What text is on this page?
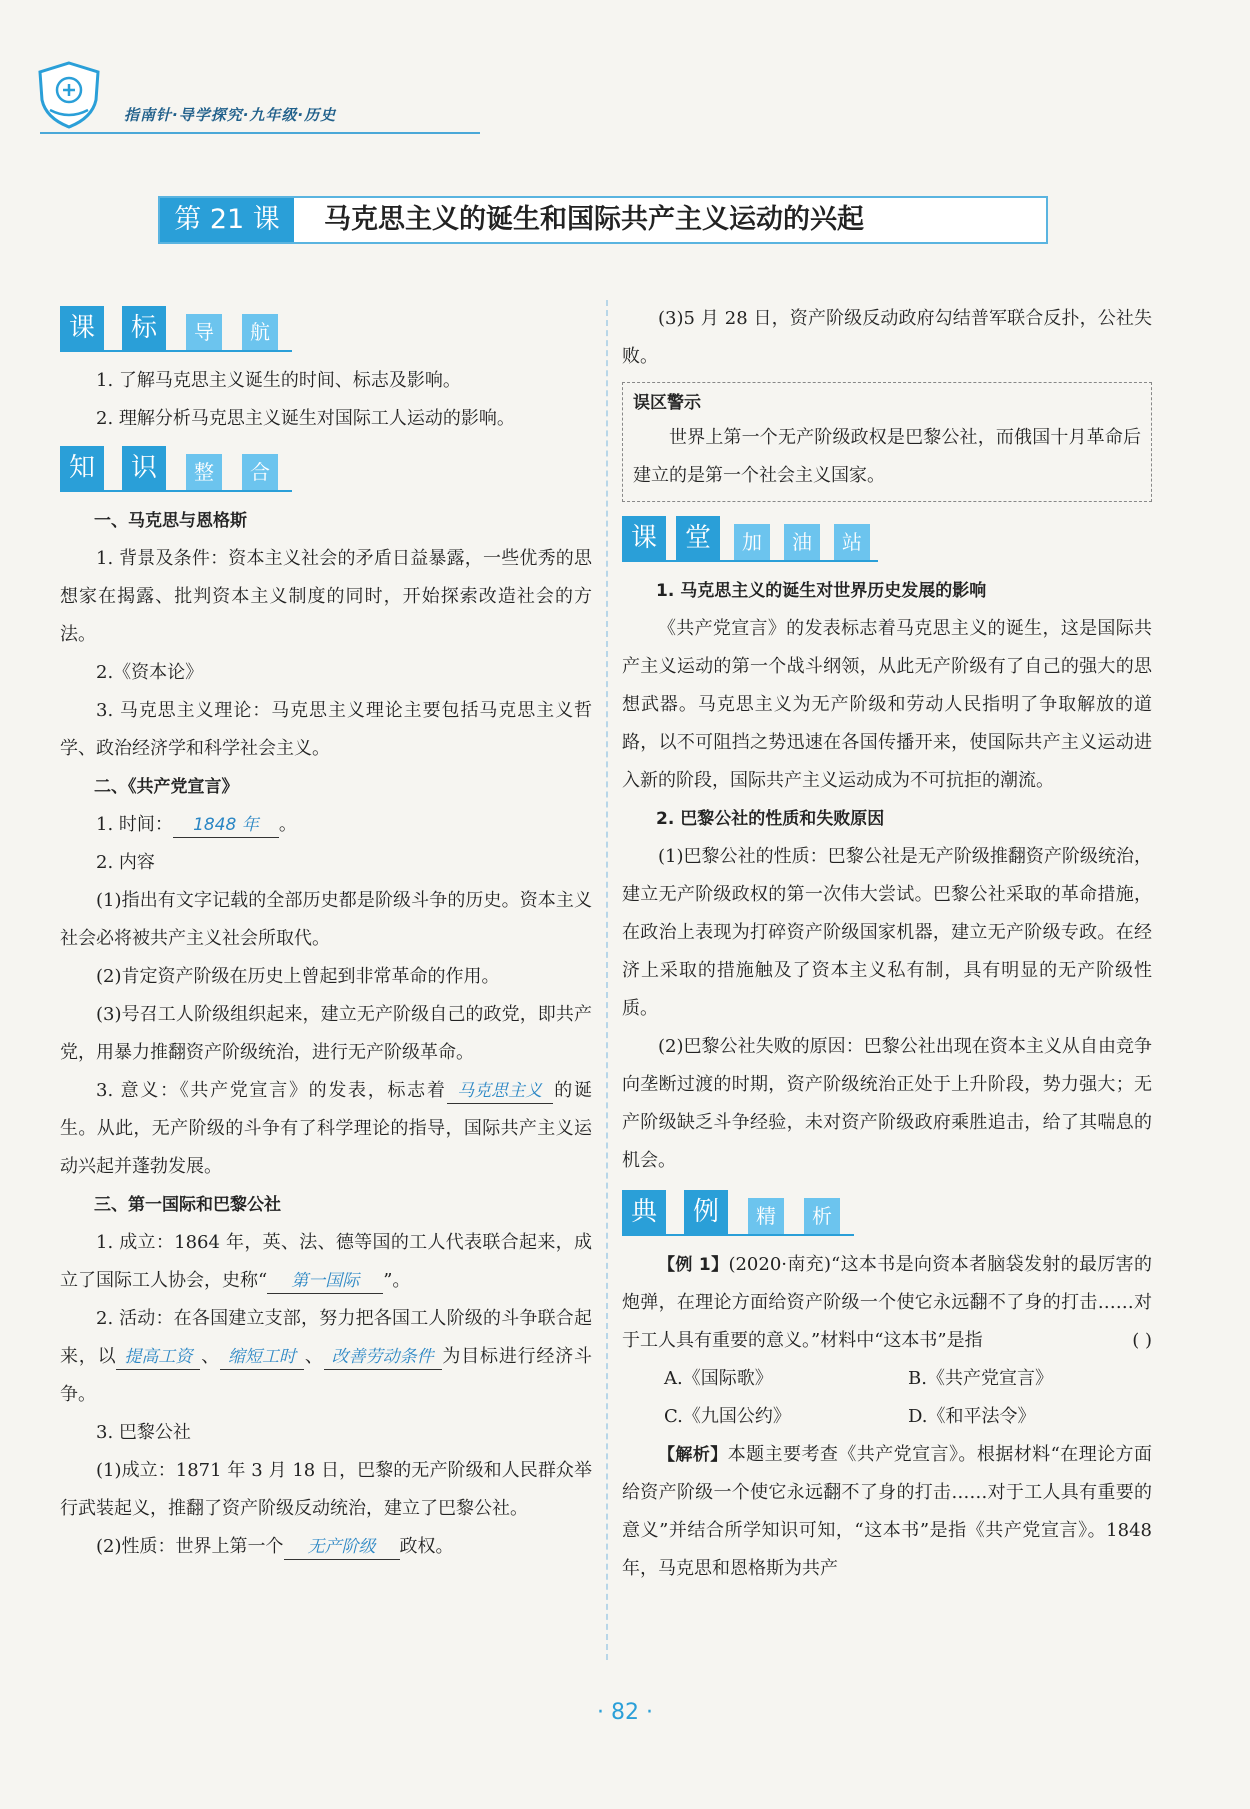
指南针·导学探究·九年级·历史
第 21 课	马克思主义的诞生和国际共产主义运动的兴起
课	标	导	航

1. 了解马克思主义诞生的时间、标志及影响。

2. 理解分析马克思主义诞生对国际工人运动的影响。

知	识	整	合

一、马克思与恩格斯

1. 背景及条件：资本主义社会的矛盾日益暴露，一些优秀的思想家在揭露、批判资本主义制度的同时，开始探索改造社会的方法。

2.《资本论》

3. 马克思主义理论：马克思主义理论主要包括马克思主义哲学、政治经济学和科学社会主义。

二、《共产党宣言》

1. 时间： 1848 年 。

2. 内容

(1)指出有文字记载的全部历史都是阶级斗争的历史。资本主义社会必将被共产主义社会所取代。

(2)肯定资产阶级在历史上曾起到非常革命的作用。

(3)号召工人阶级组织起来，建立无产阶级自己的政党，即共产党，用暴力推翻资产阶级统治，进行无产阶级革命。

3. 意义：《共产党宣言》的发表，标志着 马克思主义 的诞生。从此，无产阶级的斗争有了科学理论的指导，国际共产主义运动兴起并蓬勃发展。

三、第一国际和巴黎公社

1. 成立：1864 年，英、法、德等国的工人代表联合起来，成立了国际工人协会，史称“ 第一国际 ”。

2. 活动：在各国建立支部，努力把各国工人阶级的斗争联合起来，以 提高工资 、 缩短工时 、 改善劳动条件 为目标进行经济斗争。

3. 巴黎公社

(1)成立：1871 年 3 月 18 日，巴黎的无产阶级和人民群众举行武装起义，推翻了资产阶级反动统治，建立了巴黎公社。

(2)性质：世界上第一个 无产阶级 政权。

(3)5 月 28 日，资产阶级反动政府勾结普军联合反扑，公社失败。

误区警示

世界上第一个无产阶级政权是巴黎公社，而俄国十月革命后建立的是第一个社会主义国家。

课	堂	加	油	站

1. 马克思主义的诞生对世界历史发展的影响

《共产党宣言》的发表标志着马克思主义的诞生，这是国际共产主义运动的第一个战斗纲领，从此无产阶级有了自己的强大的思想武器。马克思主义为无产阶级和劳动人民指明了争取解放的道路，以不可阻挡之势迅速在各国传播开来，使国际共产主义运动进入新的阶段，国际共产主义运动成为不可抗拒的潮流。

2. 巴黎公社的性质和失败原因

(1)巴黎公社的性质：巴黎公社是无产阶级推翻资产阶级统治，建立无产阶级政权的第一次伟大尝试。巴黎公社采取的革命措施，在政治上表现为打碎资产阶级国家机器，建立无产阶级专政。在经济上采取的措施触及了资本主义私有制，具有明显的无产阶级性质。

(2)巴黎公社失败的原因：巴黎公社出现在资本主义从自由竞争向垄断过渡的时期，资产阶级统治正处于上升阶段，势力强大；无产阶级缺乏斗争经验，未对资产阶级政府乘胜追击，给了其喘息的机会。

典	例	精	析

【例 1】(2020·南充)“这本书是向资本者脑袋发射的最厉害的炮弹，在理论方面给资产阶级一个使它永远翻不了身的打击……对于工人具有重要的意义。”材料中“这本书”是指	( )

A.《国际歌》	B.《共产党宣言》
C.《九国公约》	D.《和平法令》

【解析】本题主要考查《共产党宣言》。根据材料“在理论方面给资产阶级一个使它永远翻不了身的打击……对于工人具有重要的意义”并结合所学知识可知，“这本书”是指《共产党宣言》。1848 年，马克思和恩格斯为共产

· 82 ·
